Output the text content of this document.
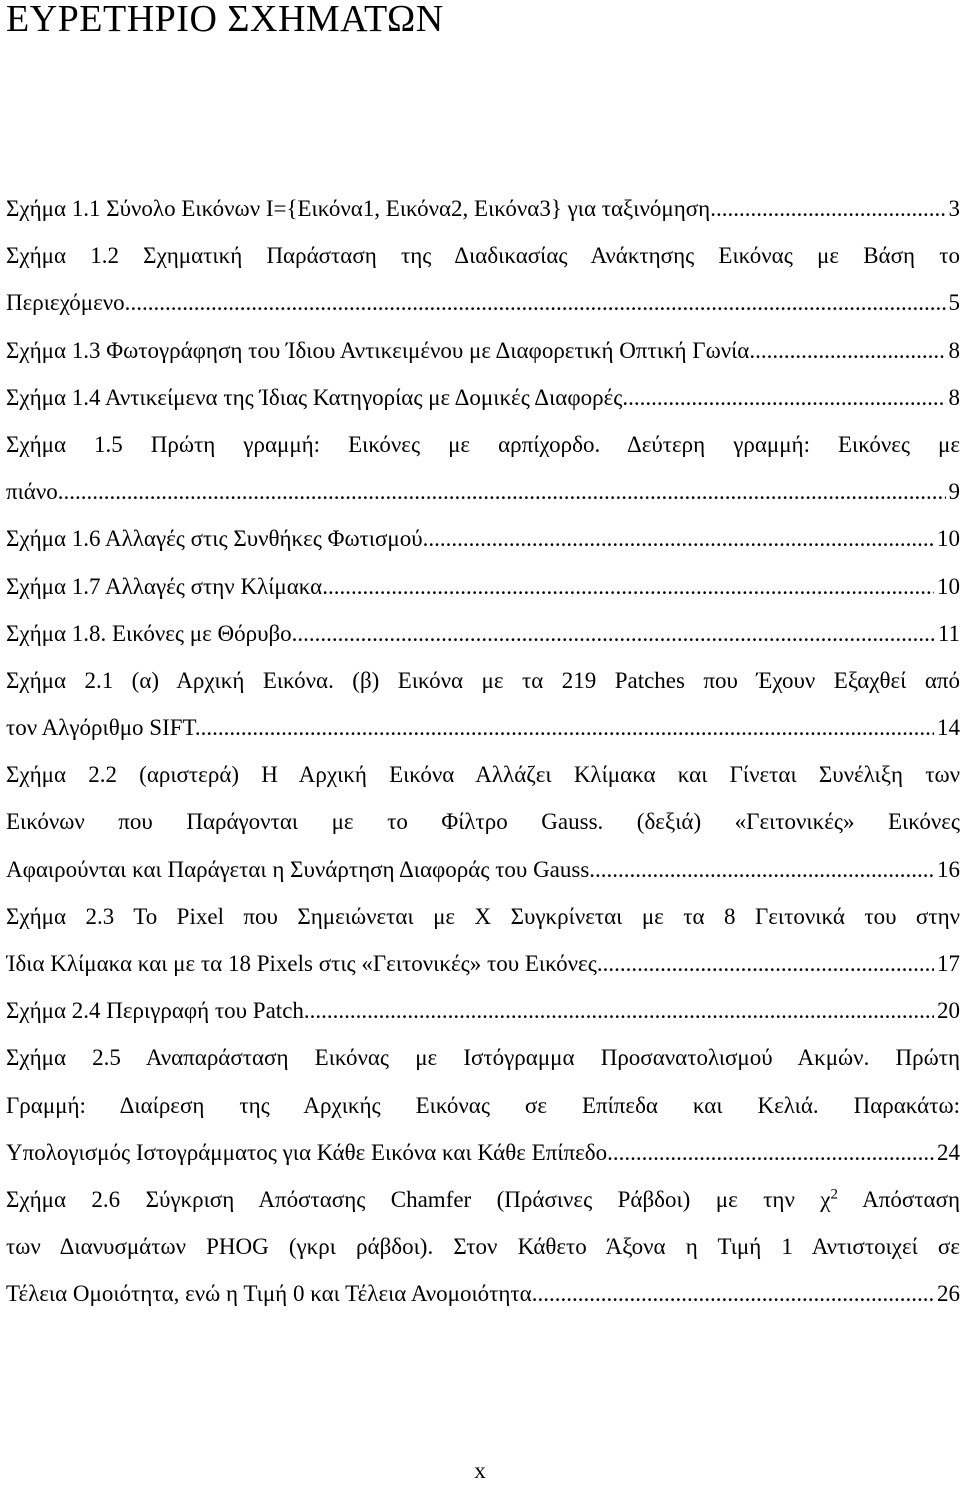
ΕΥΡΕΤΗΡΙΟ ΣΧΗΜΑΤΩΝ
Σχήμα 1.1 Σύνολο Εικόνων Ι={Εικόνα1, Εικόνα2, Εικόνα3} για ταξινόμηση .....	3
Σχήμα 1.2 Σχηματική Παράσταση της Διαδικασίας Ανάκτησης Εικόνας με Βάση το
Περιεχόμενο. .....	5
Σχήμα 1.3 Φωτογράφηση του Ίδιου Αντικειμένου με Διαφορετική Οπτική Γωνία. .....	8
Σχήμα 1.4 Αντικείμενα της Ίδιας Κατηγορίας με Δομικές Διαφορές. .....	8
Σχήμα 1.5 Πρώτη γραμμή: Εικόνες με αρπίχορδο. Δεύτερη γραμμή: Εικόνες με
πιάνο. .....	9
Σχήμα 1.6 Αλλαγές στις Συνθήκες Φωτισμού. .....	10
Σχήμα 1.7 Αλλαγές στην Κλίμακα. .....	10
Σχήμα 1.8. Εικόνες με Θόρυβο. .....	11
Σχήμα 2.1 (α) Αρχική Εικόνα. (β) Εικόνα με τα 219 Patches που Έχουν Εξαχθεί από
τον Αλγόριθμο SIFT. .....	14
Σχήμα 2.2 (αριστερά) Η Αρχική Εικόνα Αλλάζει Κλίμακα και Γίνεται Συνέλιξη των
Εικόνων που Παράγονται με το Φίλτρο Gauss. (δεξιά) «Γειτονικές» Εικόνες
Αφαιρούνται και Παράγεται η Συνάρτηση Διαφοράς του Gauss. .....	16
Σχήμα 2.3 Το Pixel που Σημειώνεται με Χ Συγκρίνεται με τα 8 Γειτονικά του στην
Ίδια Κλίμακα και με τα 18 Pixels στις «Γειτονικές» του Εικόνες. .....	17
Σχήμα 2.4 Περιγραφή του Patch .....	20
Σχήμα 2.5 Αναπαράσταση Εικόνας με Ιστόγραμμα Προσανατολισμού Ακμών. Πρώτη
Γραμμή: Διαίρεση της Αρχικής Εικόνας σε Επίπεδα και Κελιά. Παρακάτω:
Υπολογισμός Ιστογράμματος για Κάθε Εικόνα και Κάθε Επίπεδο. .....	24
Σχήμα 2.6 Σύγκριση Απόστασης Chamfer (Πράσινες Ράβδοι) με την $\chi^2$ Απόσταση
των Διανυσμάτων PHOG (γκρι ράβδοι). Στον Κάθετο Άξονα η Τιμή 1 Αντιστοιχεί σε
Τέλεια Ομοιότητα, ενώ η Τιμή 0 και Τέλεια Ανομοιότητα. .....	26
x
